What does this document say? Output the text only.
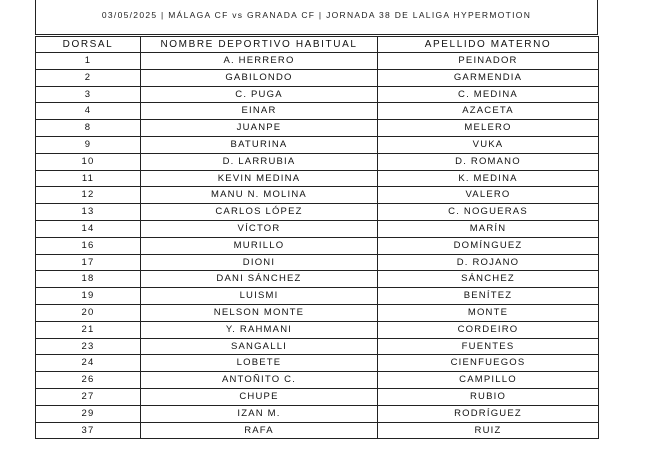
03/05/2025 | MÁLAGA CF vs GRANADA CF | JORNADA 38 DE LALIGA HYPERMOTION
DORSAL	NOMBRE DEPORTIVO HABITUAL	APELLIDO MATERNO
1	A. HERRERO	PEINADOR
2	GABILONDO	GARMENDIA
3	C. PUGA	C. MEDINA
4	EINAR	AZACETA
8	JUANPE	MELERO
9	BATURINA	VUKA
10	D. LARRUBIA	D. ROMANO
11	KEVIN MEDINA	K. MEDINA
12	MANU N. MOLINA	VALERO
13	CARLOS LÓPEZ	C. NOGUERAS
14	VÍCTOR	MARÍN
16	MURILLO	DOMÍNGUEZ
17	DIONI	D. ROJANO
18	DANI SÁNCHEZ	SÁNCHEZ
19	LUISMI	BENÍTEZ
20	NELSON MONTE	MONTE
21	Y. RAHMANI	CORDEIRO
23	SANGALLI	FUENTES
24	LOBETE	CIENFUEGOS
26	ANTOÑITO C.	CAMPILLO
27	CHUPE	RUBIO
29	IZAN M.	RODRÍGUEZ
37	RAFA	RUIZ
